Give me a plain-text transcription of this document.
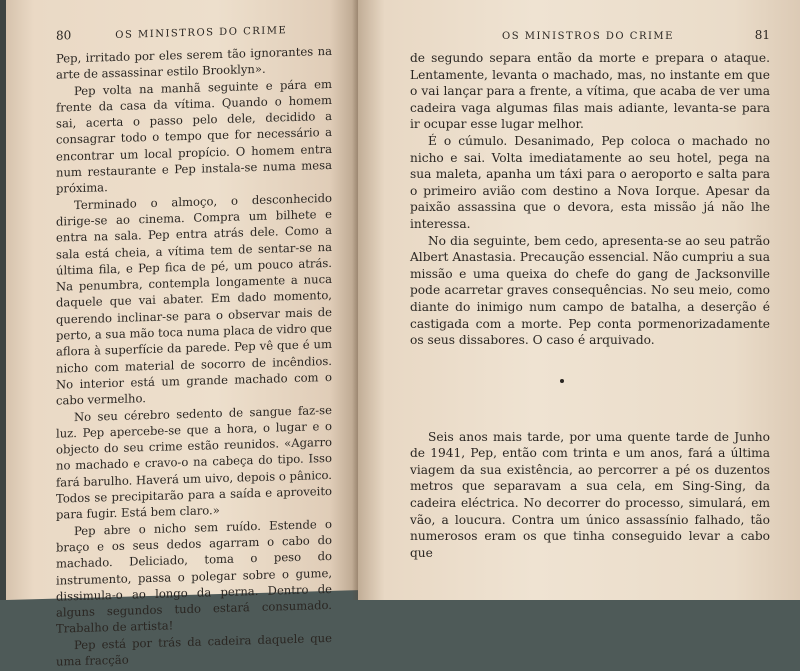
80	OS MINISTROS DO CRIME

Pep, irritado por eles serem tão ignorantes na arte de assassinar estilo Brooklyn».

Pep volta na manhã seguinte e pára em frente da casa da vítima. Quando o homem sai, acerta o passo pelo dele, decidido a consagrar todo o tempo que for necessário a encontrar um local propício. O homem entra num restaurante e Pep instala-se numa mesa próxima.

Terminado o almoço, o desconhecido dirige-se ao cinema. Compra um bilhete e entra na sala. Pep entra atrás dele. Como a sala está cheia, a vítima tem de sentar-se na última fila, e Pep fica de pé, um pouco atrás. Na penumbra, contempla longamente a nuca daquele que vai abater. Em dado momento, querendo inclinar-se para o observar mais de perto, a sua mão toca numa placa de vidro que aflora à superfície da parede. Pep vê que é um nicho com material de socorro de incêndios. No interior está um grande machado com o cabo vermelho.

No seu cérebro sedento de sangue faz-se luz. Pep apercebe-se que a hora, o lugar e o objecto do seu crime estão reunidos. «Agarro no machado e cravo-o na cabeça do tipo. Isso fará barulho. Haverá um uivo, depois o pânico. Todos se precipitarão para a saída e aproveito para fugir. Está bem claro.»

Pep abre o nicho sem ruído. Estende o braço e os seus dedos agarram o cabo do machado. Deliciado, toma o peso do instrumento, passa o polegar sobre o gume, dissimula-o ao longo da perna. Dentro de alguns segundos tudo estará consumado. Trabalho de artista!

Pep está por trás da cadeira daquele que uma fracção

OS MINISTROS DO CRIME	81

de segundo separa então da morte e prepara o ataque. Lentamente, levanta o machado, mas, no instante em que o vai lançar para a frente, a vítima, que acaba de ver uma cadeira vaga algumas filas mais adiante, levanta-se para ir ocupar esse lugar melhor.

É o cúmulo. Desanimado, Pep coloca o machado no nicho e sai. Volta imediatamente ao seu hotel, pega na sua maleta, apanha um táxi para o aeroporto e salta para o primeiro avião com destino a Nova Iorque. Apesar da paixão assassina que o devora, esta missão já não lhe interessa.

No dia seguinte, bem cedo, apresenta-se ao seu patrão Albert Anastasia. Precaução essencial. Não cumpriu a sua missão e uma queixa do chefe do gang de Jacksonville pode acarretar graves consequências. No seu meio, como diante do inimigo num campo de batalha, a deserção é castigada com a morte. Pep conta pormenorizadamente os seus dissabores. O caso é arquivado.

Seis anos mais tarde, por uma quente tarde de Junho de 1941, Pep, então com trinta e um anos, fará a última viagem da sua existência, ao percorrer a pé os duzentos metros que separavam a sua cela, em Sing-Sing, da cadeira eléctrica. No decorrer do processo, simulará, em vão, a loucura. Contra um único assassínio falhado, tão numerosos eram os que tinha conseguido levar a cabo que
